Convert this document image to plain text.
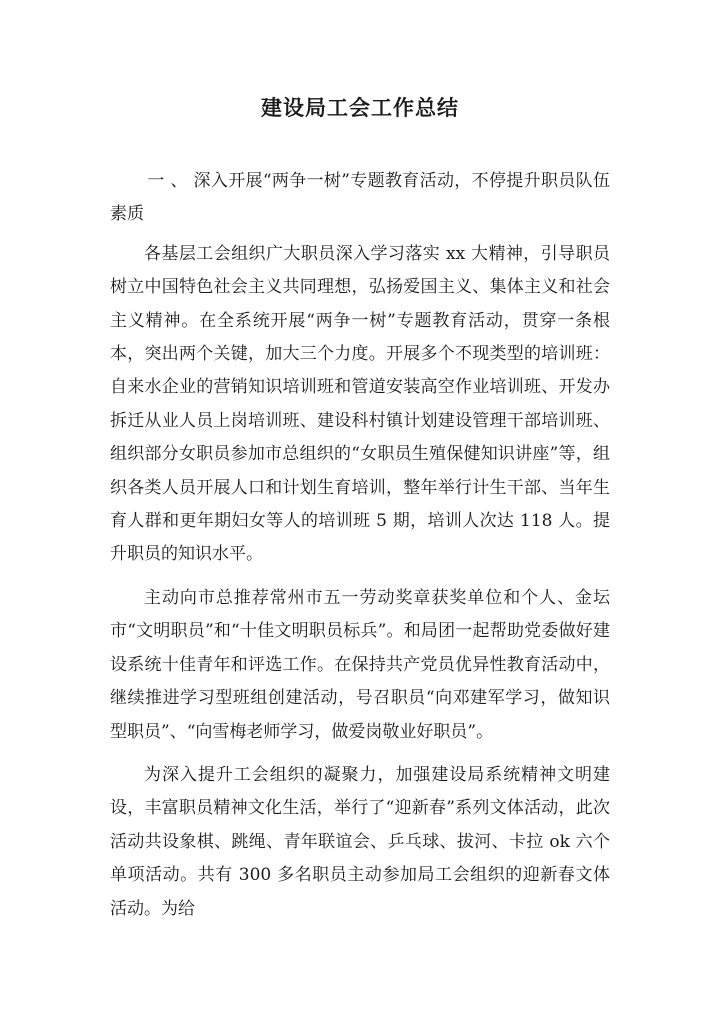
建设局工会工作总结

一 、 深入开展“两争一树”专题教育活动，不停提升职员队伍素质

各基层工会组织广大职员深入学习落实 xx 大精神，引导职员树立中国特色社会主义共同理想，弘扬爱国主义、集体主义和社会主义精神。在全系统开展“两争一树”专题教育活动，贯穿一条根本，突出两个关键，加大三个力度。开展多个不现类型的培训班：自来水企业的营销知识培训班和管道安装高空作业培训班、开发办拆迁从业人员上岗培训班、建设科村镇计划建设管理干部培训班、组织部分女职员参加市总组织的“女职员生殖保健知识讲座”等，组织各类人员开展人口和计划生育培训，整年举行计生干部、当年生育人群和更年期妇女等人的培训班 5 期，培训人次达 118 人。提升职员的知识水平。

主动向市总推荐常州市五一劳动奖章获奖单位和个人、金坛市“文明职员”和“十佳文明职员标兵”。和局团一起帮助党委做好建设系统十佳青年和评选工作。在保持共产党员优异性教育活动中，继续推进学习型班组创建活动，号召职员“向邓建军学习，做知识型职员”、“向雪梅老师学习，做爱岗敬业好职员”。

为深入提升工会组织的凝聚力，加强建设局系统精神文明建设，丰富职员精神文化生活，举行了“迎新春”系列文体活动，此次活动共设象棋、跳绳、青年联谊会、乒乓球、拔河、卡拉 ok 六个单项活动。共有 300 多名职员主动参加局工会组织的迎新春文体活动。为给
